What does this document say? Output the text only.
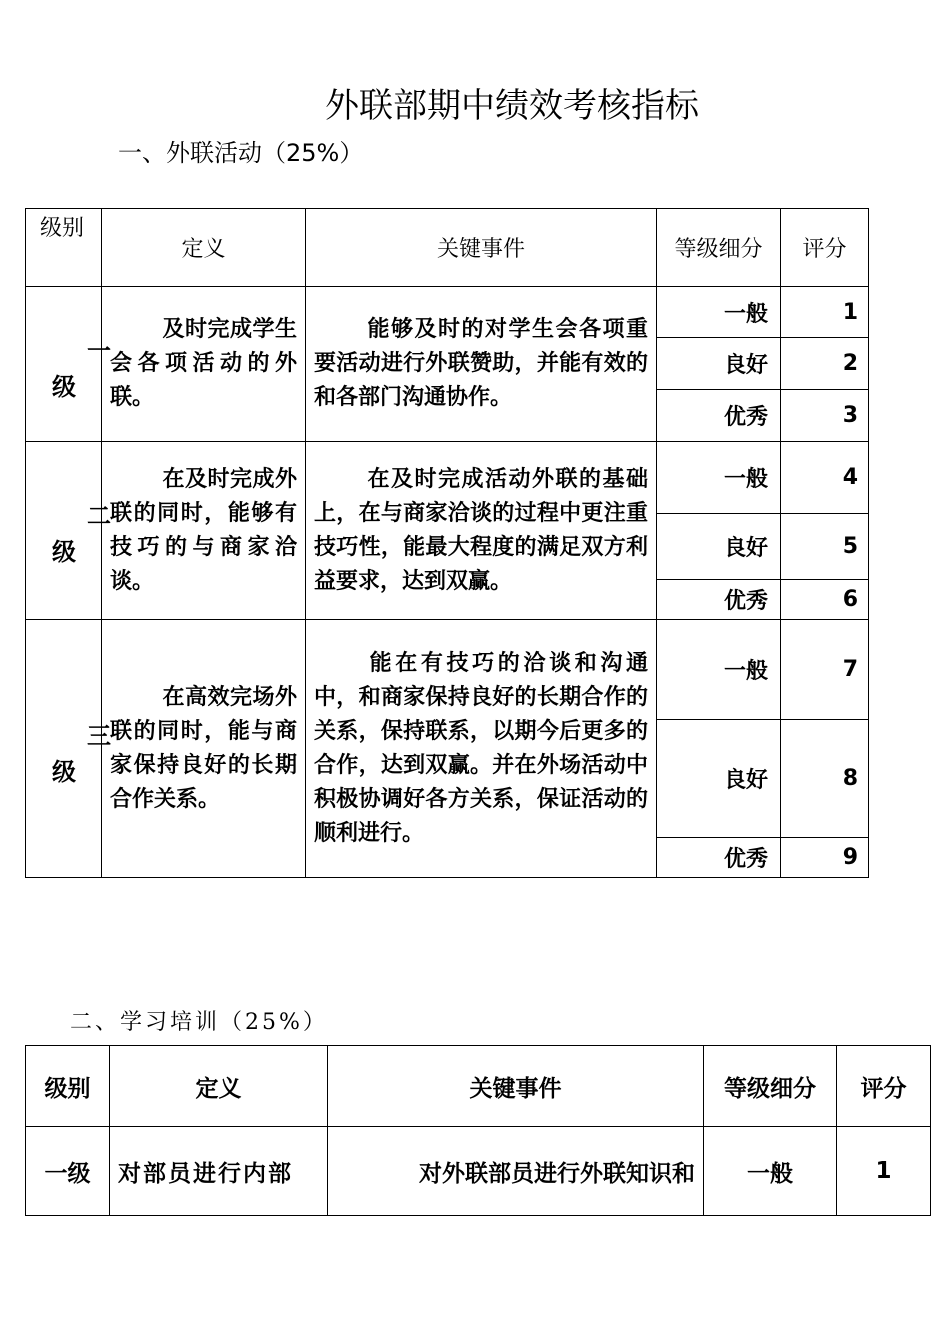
外联部期中绩效考核指标
一、外联活动（25%）
级别	定义	关键事件	等级细分	评分

一
级	及时完成学生会各项活动的外联。	能够及时的对学生会各项重要活动进行外联赞助，并能有效的和各部门沟通协作。	一般	1
			良好	2
			优秀	3

二
级	在及时完成外联的同时，能够有技巧的与商家洽谈。	在及时完成活动外联的基础上，在与商家洽谈的过程中更注重技巧性，能最大程度的满足双方利益要求，达到双赢。	一般	4
			良好	5
			优秀	6

三
级	在高效完场外联的同时，能与商家保持良好的长期合作关系。	能在有技巧的洽谈和沟通中，和商家保持良好的长期合作的关系，保持联系，以期今后更多的合作，达到双赢。并在外场活动中积极协调好各方关系，保证活动的顺利进行。	一般	7
			良好	8
			优秀	9
二、学习培训（25%）
级别	定义	关键事件	等级细分	评分
一级	对部员进行内部	对外联部员进行外联知识和	一般	1
